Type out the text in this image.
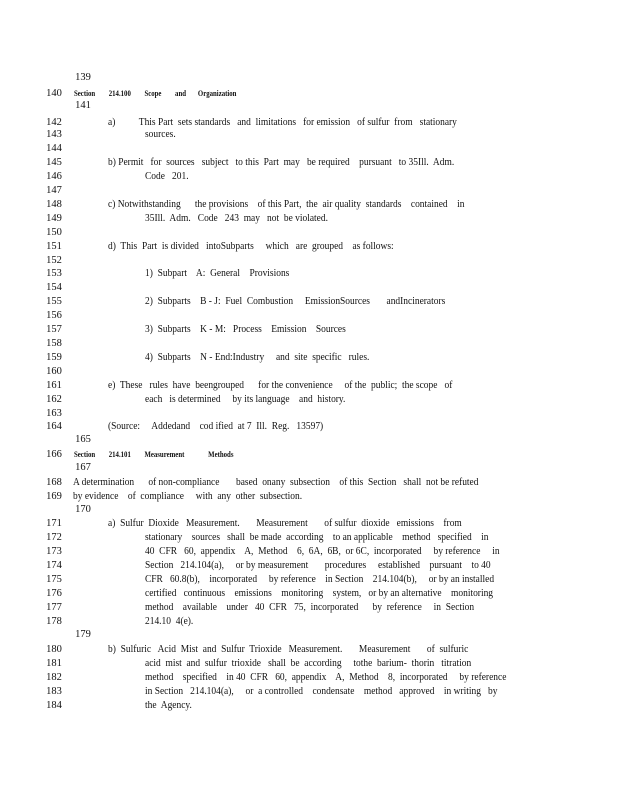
139
140	Section        214.100        Scope        and       Organization
141
142	a)          This Part  sets standards   and  limitations   for emission   of sulfur  from   stationary
143	sources.
144
145	b) Permit   for  sources   subject   to this  Part  may   be required    pursuant   to 35Ill.  Adm.
146	Code   201.
147
148	c) Notwithstanding      the provisions    of this Part,  the  air quality  standards    contained    in
149	35Ill.  Adm.   Code   243  may   not  be violated.
150
151	d)  This  Part  is divided   intoSubparts     which   are  grouped    as follows:
152
153	1)  Subpart    A:  General    Provisions
154
155	2)  Subparts    B - J:  Fuel  Combustion     EmissionSources       andIncinerators
156
157	3)  Subparts    K - M:   Process    Emission    Sources
158
159	4)  Subparts    N - End:Industry     and  site  specific   rules.
160
161	e)  These   rules  have  beengrouped      for the convenience     of the  public;  the scope   of
162	each   is determined     by its language    and  history.
163
164	(Source:     Addedand    cod ified  at 7  Ill.  Reg.   13597)
165
166	Section        214.101        Measurement              Methods
167
168	A determination      of non-compliance       based  onany  subsection    of this  Section   shall  not be refuted
169	by evidence    of  compliance     with  any  other  subsection.
170
171	a)  Sulfur  Dioxide   Measurement.       Measurement       of sulfur  dioxide   emissions    from
172	stationary    sources   shall  be made  according    to an applicable    method   specified    in
173	40  CFR   60,  appendix    A,  Method    6,  6A,  6B,  or 6C,  incorporated     by reference     in
174	Section   214.104(a),     or by measurement       procedures     established    pursuant    to 40
175	CFR   60.8(b),    incorporated     by reference    in Section    214.104(b),     or by an installed
176	certified   continuous    emissions    monitoring    system,   or by an alternative    monitoring
177	method    available    under   40  CFR   75,  incorporated      by  reference     in  Section
178	214.10  4(e).
179
180	b)  Sulfuric   Acid  Mist  and  Sulfur  Trioxide   Measurement.       Measurement       of  sulfuric
181	acid  mist  and  sulfur  trioxide   shall  be  according     tothe  barium-  thorin   titration
182	method    specified    in 40  CFR   60,  appendix    A,  Method    8,  incorporated     by reference
183	in Section   214.104(a),     or  a controlled    condensate    method   approved    in writing   by
184	the  Agency.
